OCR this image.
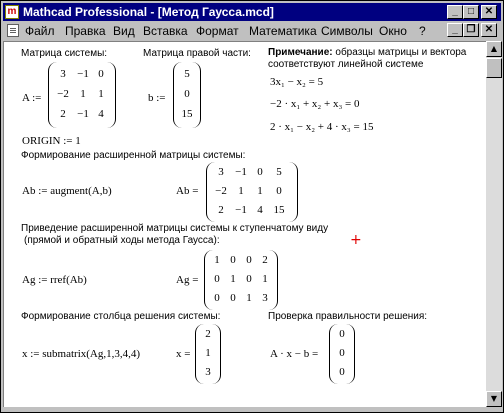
m Mathcad Professional - [Метод Гаусса.mcd]	_	□	✕
Файл Правка Вид Вставка Формат Математика Символы Окно ?	_ ❐ ✕
Матрица системы:	Матрица правой части: Примечание: образцы матрицы и вектора
соответствуют линейной системе
A :=
3	−1 0
−2	1	1
2	−1 4
b :=
5
0
15
3x₁ − x₂ = 5
−2 · x₁ + x₂ + x₃ = 0
2 · x₁ − x₂ + 4 · x₃ = 15
ORIGIN := 1
Формирование расширенной матрицы системы:
Ab := augment(A,b)	Ab =
3	−1 0	5
−2	1	1	0
2	−1 4 15
Приведение расширенной матрицы системы к ступенчатому виду
(прямой и обратный ходы метода Гаусса):	+
Ag := rref(Ab)	Ag =
1 0 0 2
0 1 0 1
0 0 1 3
Формирование столбца решения системы:	Проверка правильности решения:
x := submatrix(Ag,1,3,4,4)	x =
2
1
3
A · x − b =
0
0
0
▲
▼
